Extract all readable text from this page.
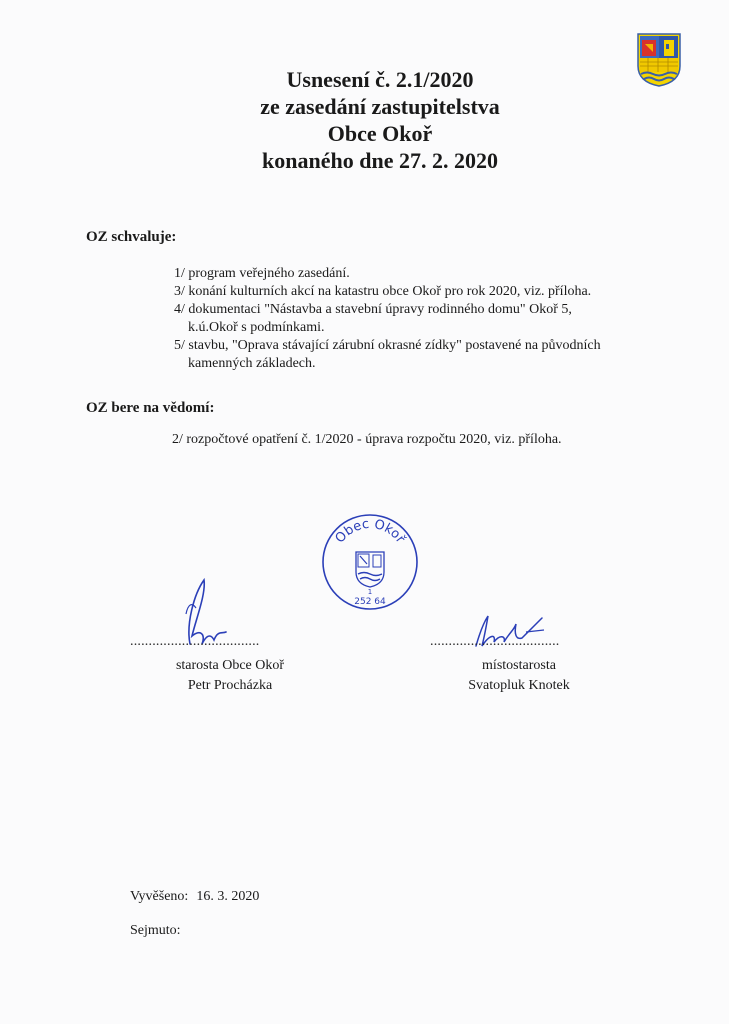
Usnesení č. 2.1/2020
ze zasedání zastupitelstva
Obce Okoř
konaného dne 27. 2. 2020
OZ schvaluje:
1/ program veřejného zasedání.
3/ konání kulturních akcí na katastru obce Okoř pro rok 2020, viz. příloha.
4/ dokumentaci "Nástavba a stavební úpravy rodinného domu" Okoř 5,
k.ú.Okoř s podmínkami.
5/ stavbu, "Oprava stávající zárubní okrasné zídky" postavené na původních
kamenných základech.
OZ bere na vědomí:
2/ rozpočtové opatření č. 1/2020 - úprava rozpočtu 2020, viz. příloha.
Obec Okoř
1
252 64
...................................	...................................
starosta Obce Okoř
Petr Procházka
místostarosta
Svatopluk Knotek
Vyvěšeno: 16. 3. 2020
Sejmuto:
